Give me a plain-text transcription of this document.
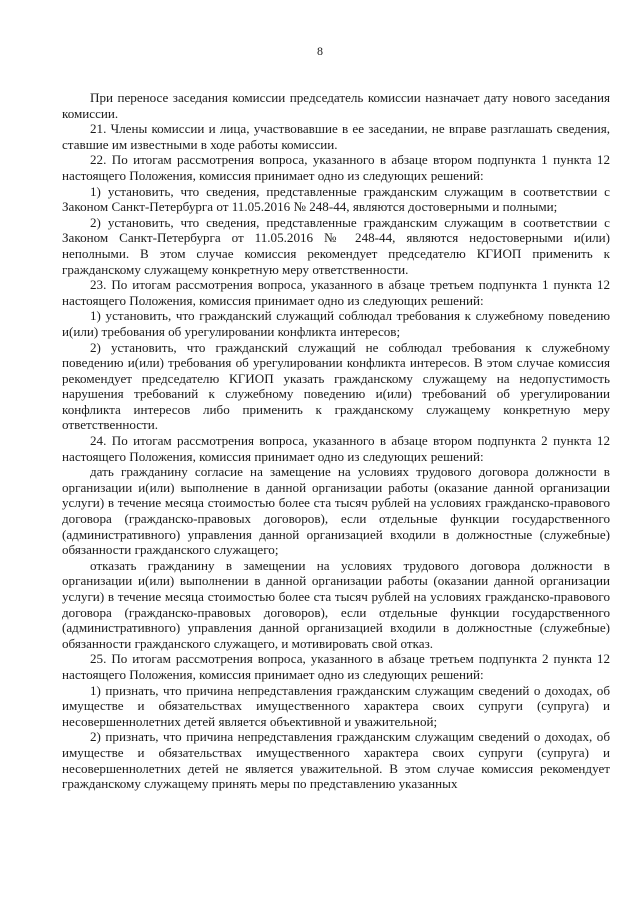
8

При переносе заседания комиссии председатель комиссии назначает дату нового заседания комиссии.

21. Члены комиссии и лица, участвовавшие в ее заседании, не вправе разглашать сведения, ставшие им известными в ходе работы комиссии.

22. По итогам рассмотрения вопроса, указанного в абзаце втором подпункта 1 пункта 12 настоящего Положения, комиссия принимает одно из следующих решений:

1) установить, что сведения, представленные гражданским служащим в соответствии с Законом Санкт-Петербурга от 11.05.2016 № 248-44, являются достоверными и полными;

2) установить, что сведения, представленные гражданским служащим в соответствии с Законом Санкт-Петербурга от 11.05.2016 № 248-44, являются недостоверными и(или) неполными. В этом случае комиссия рекомендует председателю КГИОП применить к гражданскому служащему конкретную меру ответственности.

23. По итогам рассмотрения вопроса, указанного в абзаце третьем подпункта 1 пункта 12 настоящего Положения, комиссия принимает одно из следующих решений:

1) установить, что гражданский служащий соблюдал требования к служебному поведению и(или) требования об урегулировании конфликта интересов;

2) установить, что гражданский служащий не соблюдал требования к служебному поведению и(или) требования об урегулировании конфликта интересов. В этом случае комиссия рекомендует председателю КГИОП указать гражданскому служащему на недопустимость нарушения требований к служебному поведению и(или) требований об урегулировании конфликта интересов либо применить к гражданскому служащему конкретную меру ответственности.

24. По итогам рассмотрения вопроса, указанного в абзаце втором подпункта 2 пункта 12 настоящего Положения, комиссия принимает одно из следующих решений:

дать гражданину согласие на замещение на условиях трудового договора должности в организации и(или) выполнение в данной организации работы (оказание данной организации услуги) в течение месяца стоимостью более ста тысяч рублей на условиях гражданско-правового договора (гражданско-правовых договоров), если отдельные функции государственного (административного) управления данной организацией входили в должностные (служебные) обязанности гражданского служащего;

отказать гражданину в замещении на условиях трудового договора должности в организации и(или) выполнении в данной организации работы (оказании данной организации услуги) в течение месяца стоимостью более ста тысяч рублей на условиях гражданско-правового договора (гражданско-правовых договоров), если отдельные функции государственного (административного) управления данной организацией входили в должностные (служебные) обязанности гражданского служащего, и мотивировать свой отказ.

25. По итогам рассмотрения вопроса, указанного в абзаце третьем подпункта 2 пункта 12 настоящего Положения, комиссия принимает одно из следующих решений:

1) признать, что причина непредставления гражданским служащим сведений о доходах, об имуществе и обязательствах имущественного характера своих супруги (супруга) и несовершеннолетних детей является объективной и уважительной;

2) признать, что причина непредставления гражданским служащим сведений о доходах, об имуществе и обязательствах имущественного характера своих супруги (супруга) и несовершеннолетних детей не является уважительной. В этом случае комиссия рекомендует гражданскому служащему принять меры по представлению указанных
